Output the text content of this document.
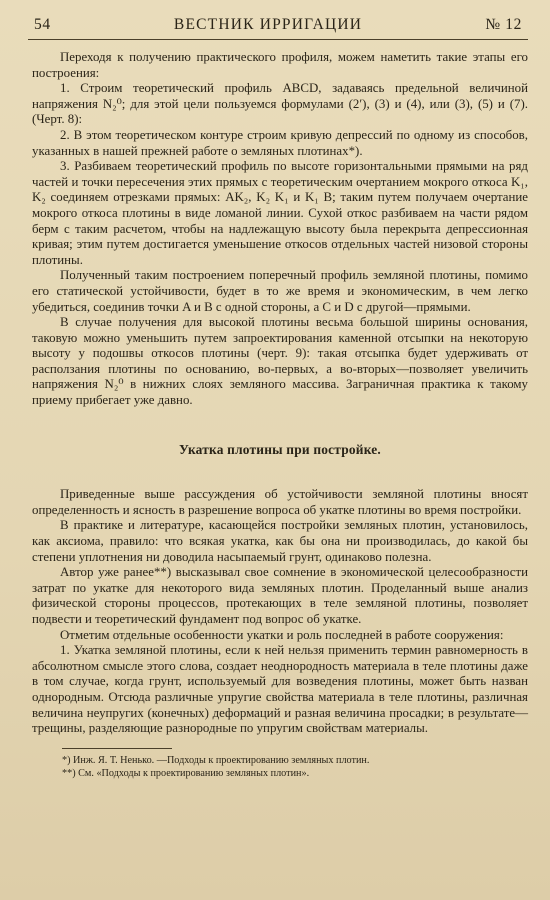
54	ВЕСТНИК ИРРИГАЦИИ	№ 12

Переходя к получению практического профиля, можем наметить такие этапы его построения:

1. Строим теоретический профиль ABCD, задаваясь предельной величиной напряжения N₂⁰; для этой цели пользуемся формулами (2′), (3) и (4), или (3), (5) и (7). (Черт. 8):

2. В этом теоретическом контуре строим кривую депрессий по одному из способов, указанных в нашей прежней работе о земляных плотинах*).

3. Разбиваем теоретический профиль по высоте горизонтальными прямыми на ряд частей и точки пересечения этих прямых с теоретическим очертанием мокрого откоса K₁, K₂ соединяем отрезками прямых: AK₂, K₂ K₁ и K₁ B; таким путем получаем очертание мокрого откоса плотины в виде ломаной линии. Сухой откос разбиваем на части рядом берм с таким расчетом, чтобы на надлежащую высоту была перекрыта депрессионная кривая; этим путем достигается уменьшение откосов отдельных частей низовой стороны плотины.

Полученный таким построением поперечный профиль земляной плотины, помимо его статической устойчивости, будет в то же время и экономическим, в чем легко убедиться, соединив точки A и B с одной стороны, а C и D с другой—прямыми.

В случае получения для высокой плотины весьма большой ширины основания, таковую можно уменьшить путем запроектирования каменной отсыпки на некоторую высоту у подошвы откосов плотины (черт. 9): такая отсыпка будет удерживать от расползания плотины по основанию, во-первых, а во-вторых—позволяет увеличить напряжения N₂⁰ в нижних слоях земляного массива. Заграничная практика к такому приему прибегает уже давно.

Укатка плотины при постройке.

Приведенные выше рассуждения об устойчивости земляной плотины вносят определенность и ясность в разрешение вопроса об укатке плотины во время постройки.

В практике и литературе, касающейся постройки земляных плотин, установилось, как аксиома, правило: что всякая укатка, как бы она ни производилась, до какой бы степени уплотнения ни доводила насыпаемый грунт, одинаково полезна.

Автор уже ранее**) высказывал свое сомнение в экономической целесообразности затрат по укатке для некоторого вида земляных плотин. Проделанный выше анализ физической стороны процессов, протекающих в теле земляной плотины, позволяет подвести и теоретический фундамент под вопрос об укатке.

Отметим отдельные особенности укатки и роль последней в работе сооружения:

1. Укатка земляной плотины, если к ней нельзя применить термин равномерность в абсолютном смысле этого слова, создает неоднородность материала в теле плотины даже в том случае, когда грунт, используемый для возведения плотины, может быть назван однородным. Отсюда различные упругие свойства материала в теле плотины, различная величина неупругих (конечных) деформаций и разная величина просадки; в результате—трещины, разделяющие разнородные по упругим свойствам материалы.

*) Инж. Я. Т. Ненько. —Подходы к проектированию земляных плотин.
**) См. «Подходы к проектированию земляных плотин».
